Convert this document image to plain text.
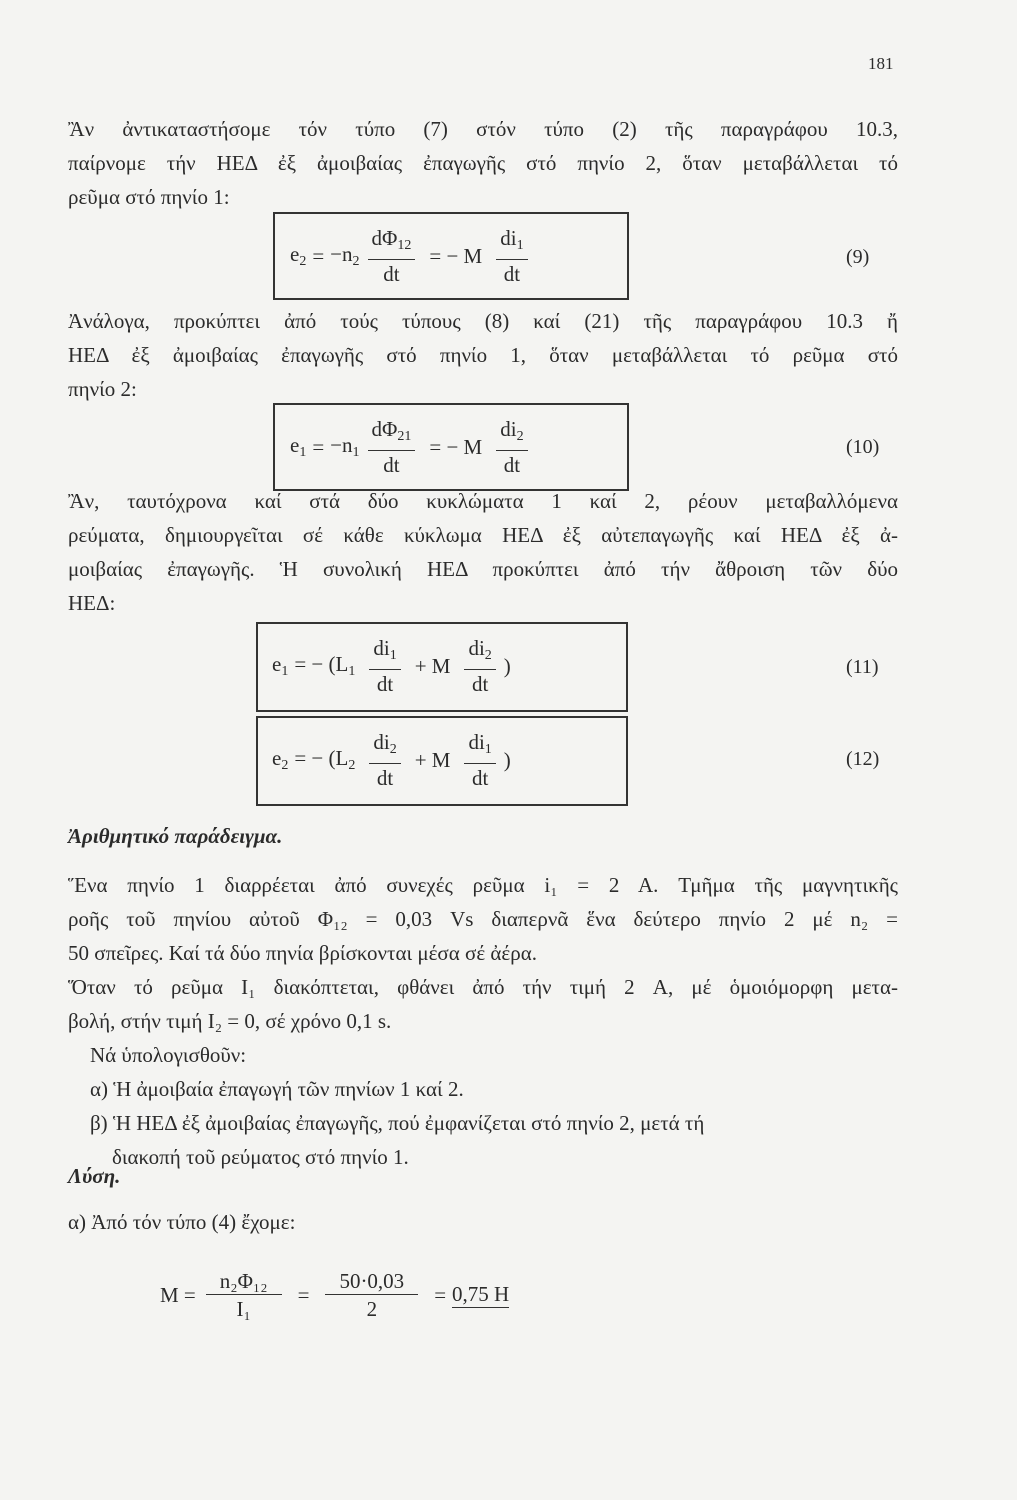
181
Ἂν ἀντικαταστήσομε τόν τύπο (7) στόν τύπο (2) τῆς παραγράφου 10.3,
παίρνομε τήν ΗΕΔ ἐξ ἀμοιβαίας ἐπαγωγῆς στό πηνίο 2, ὅταν μεταβάλλεται τό
ρεῦμα στό πηνίο 1:
$e_2 = -n_2 \frac{d\Phi_{12}}{dt}$ = − M $\frac{di_1}{dt}$	(9)
Ἀνάλογα, προκύπτει ἀπό τούς τύπους (8) καί (21) τῆς παραγράφου 10.3 ἤ
ΗΕΔ ἐξ ἀμοιβαίας ἐπαγωγῆς στό πηνίο 1, ὅταν μεταβάλλεται τό ρεῦμα στό
πηνίο 2:
$e_1 = -n_1 \frac{d\Phi_{21}}{dt}$ = − M $\frac{di_2}{dt}$	(10)
Ἂν, ταυτόχρονα καί στά δύο κυκλώματα 1 καί 2, ρέουν μεταβαλλόμενα
ρεύματα, δημιουργεῖται σέ κάθε κύκλωμα ΗΕΔ ἐξ αὐτεπαγωγῆς καί ΗΕΔ ἐξ ἀ-
μοιβαίας ἐπαγωγῆς. Ἡ συνολική ΗΕΔ προκύπτει ἀπό τήν ἄθροιση τῶν δύο
ΗΕΔ:
$e_1$ = − ($L_1 \frac{di_1}{dt} + M \frac{di_2}{dt}$ )	(11)
$e_2$ = − ($L_2 \frac{di_2}{dt} + M \frac{di_1}{dt}$ )	(12)
Ἀριθμητικό παράδειγμα.
Ἕνα πηνίο 1 διαρρέεται ἀπό συνεχές ρεῦμα i₁ = 2 A. Τμῆμα τῆς μαγνητικῆς
ροῆς τοῦ πηνίου αὐτοῦ Φ₁₂ = 0,03 Vs διαπερνᾶ ἕνα δεύτερο πηνίο 2 μέ n₂ =
50 σπεῖρες. Καί τά δύο πηνία βρίσκονται μέσα σέ ἀέρα.
Ὅταν τό ρεῦμα I₁ διακόπτεται, φθάνει ἀπό τήν τιμή 2 A, μέ ὁμοιόμορφη μετα-
βολή, στήν τιμή I₂ = 0, σέ χρόνο 0,1 s.
Νά ὑπολογισθοῦν:
α) Ἡ ἀμοιβαία ἐπαγωγή τῶν πηνίων 1 καί 2.
β) Ἡ ΗΕΔ ἐξ ἀμοιβαίας ἐπαγωγῆς, πού ἐμφανίζεται στό πηνίο 2, μετά τή
διακοπή τοῦ ρεύματος στό πηνίο 1.
Λύση.
α) Ἀπό τόν τύπο (4) ἔχομε:
$M = \frac{\text{n₂Φ₁₂}}{\text{I₁}} = \frac{50\cdot 0,03}{2} = 0,75$ H
